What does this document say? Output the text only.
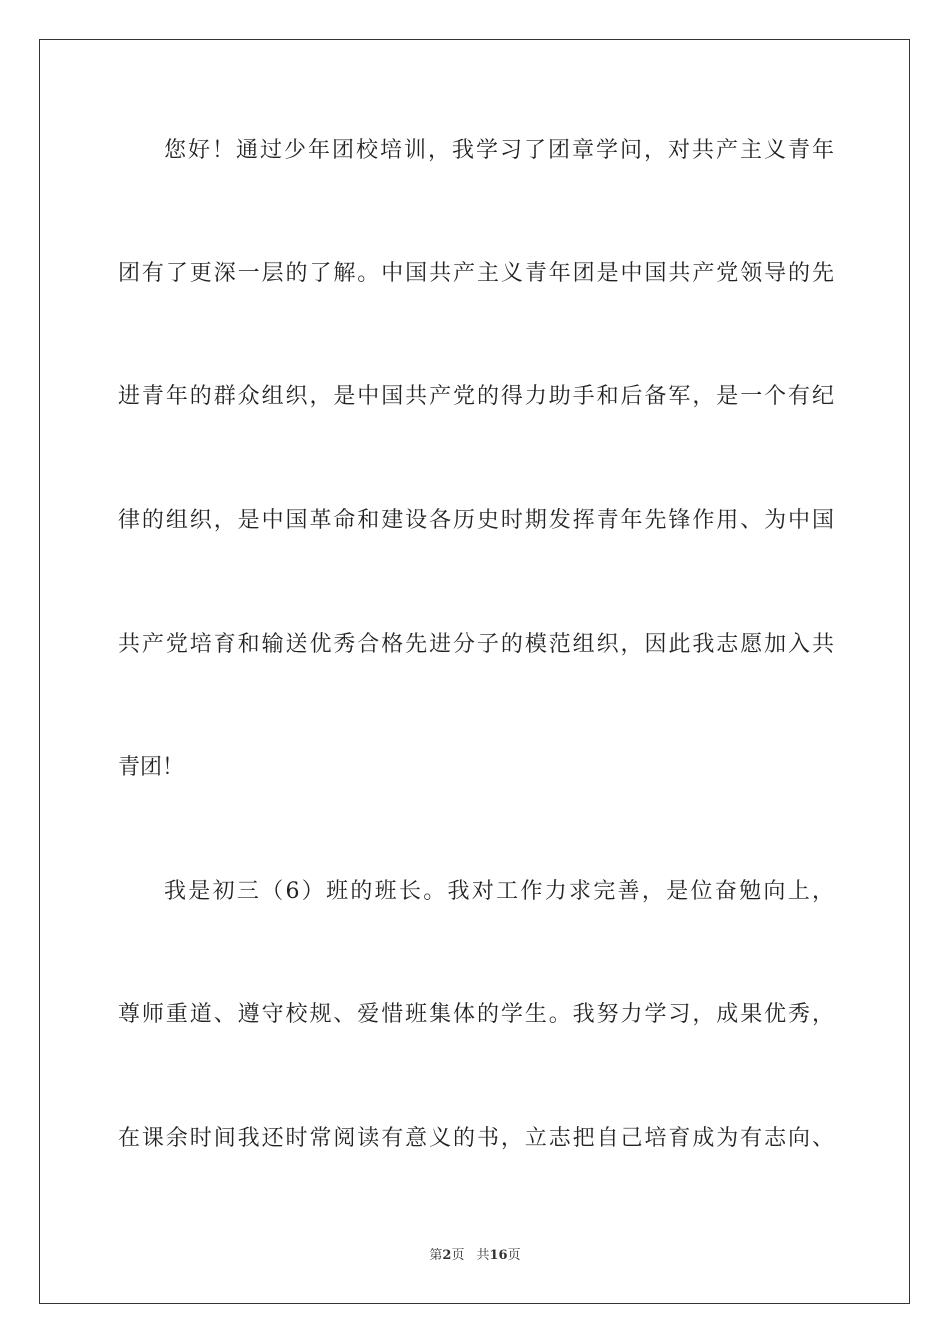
您好！通过少年团校培训，我学习了团章学问，对共产主义青年
团有了更深一层的了解。中国共产主义青年团是中国共产党领导的先
进青年的群众组织，是中国共产党的得力助手和后备军，是一个有纪
律的组织，是中国革命和建设各历史时期发挥青年先锋作用、为中国
共产党培育和输送优秀合格先进分子的模范组织，因此我志愿加入共
青团！
我是初三（6）班的班长。我对工作力求完善，是位奋勉向上，
尊师重道、遵守校规、爱惜班集体的学生。我努力学习，成果优秀，
在课余时间我还时常阅读有意义的书，立志把自己培育成为有志向、
第2页 共16页
